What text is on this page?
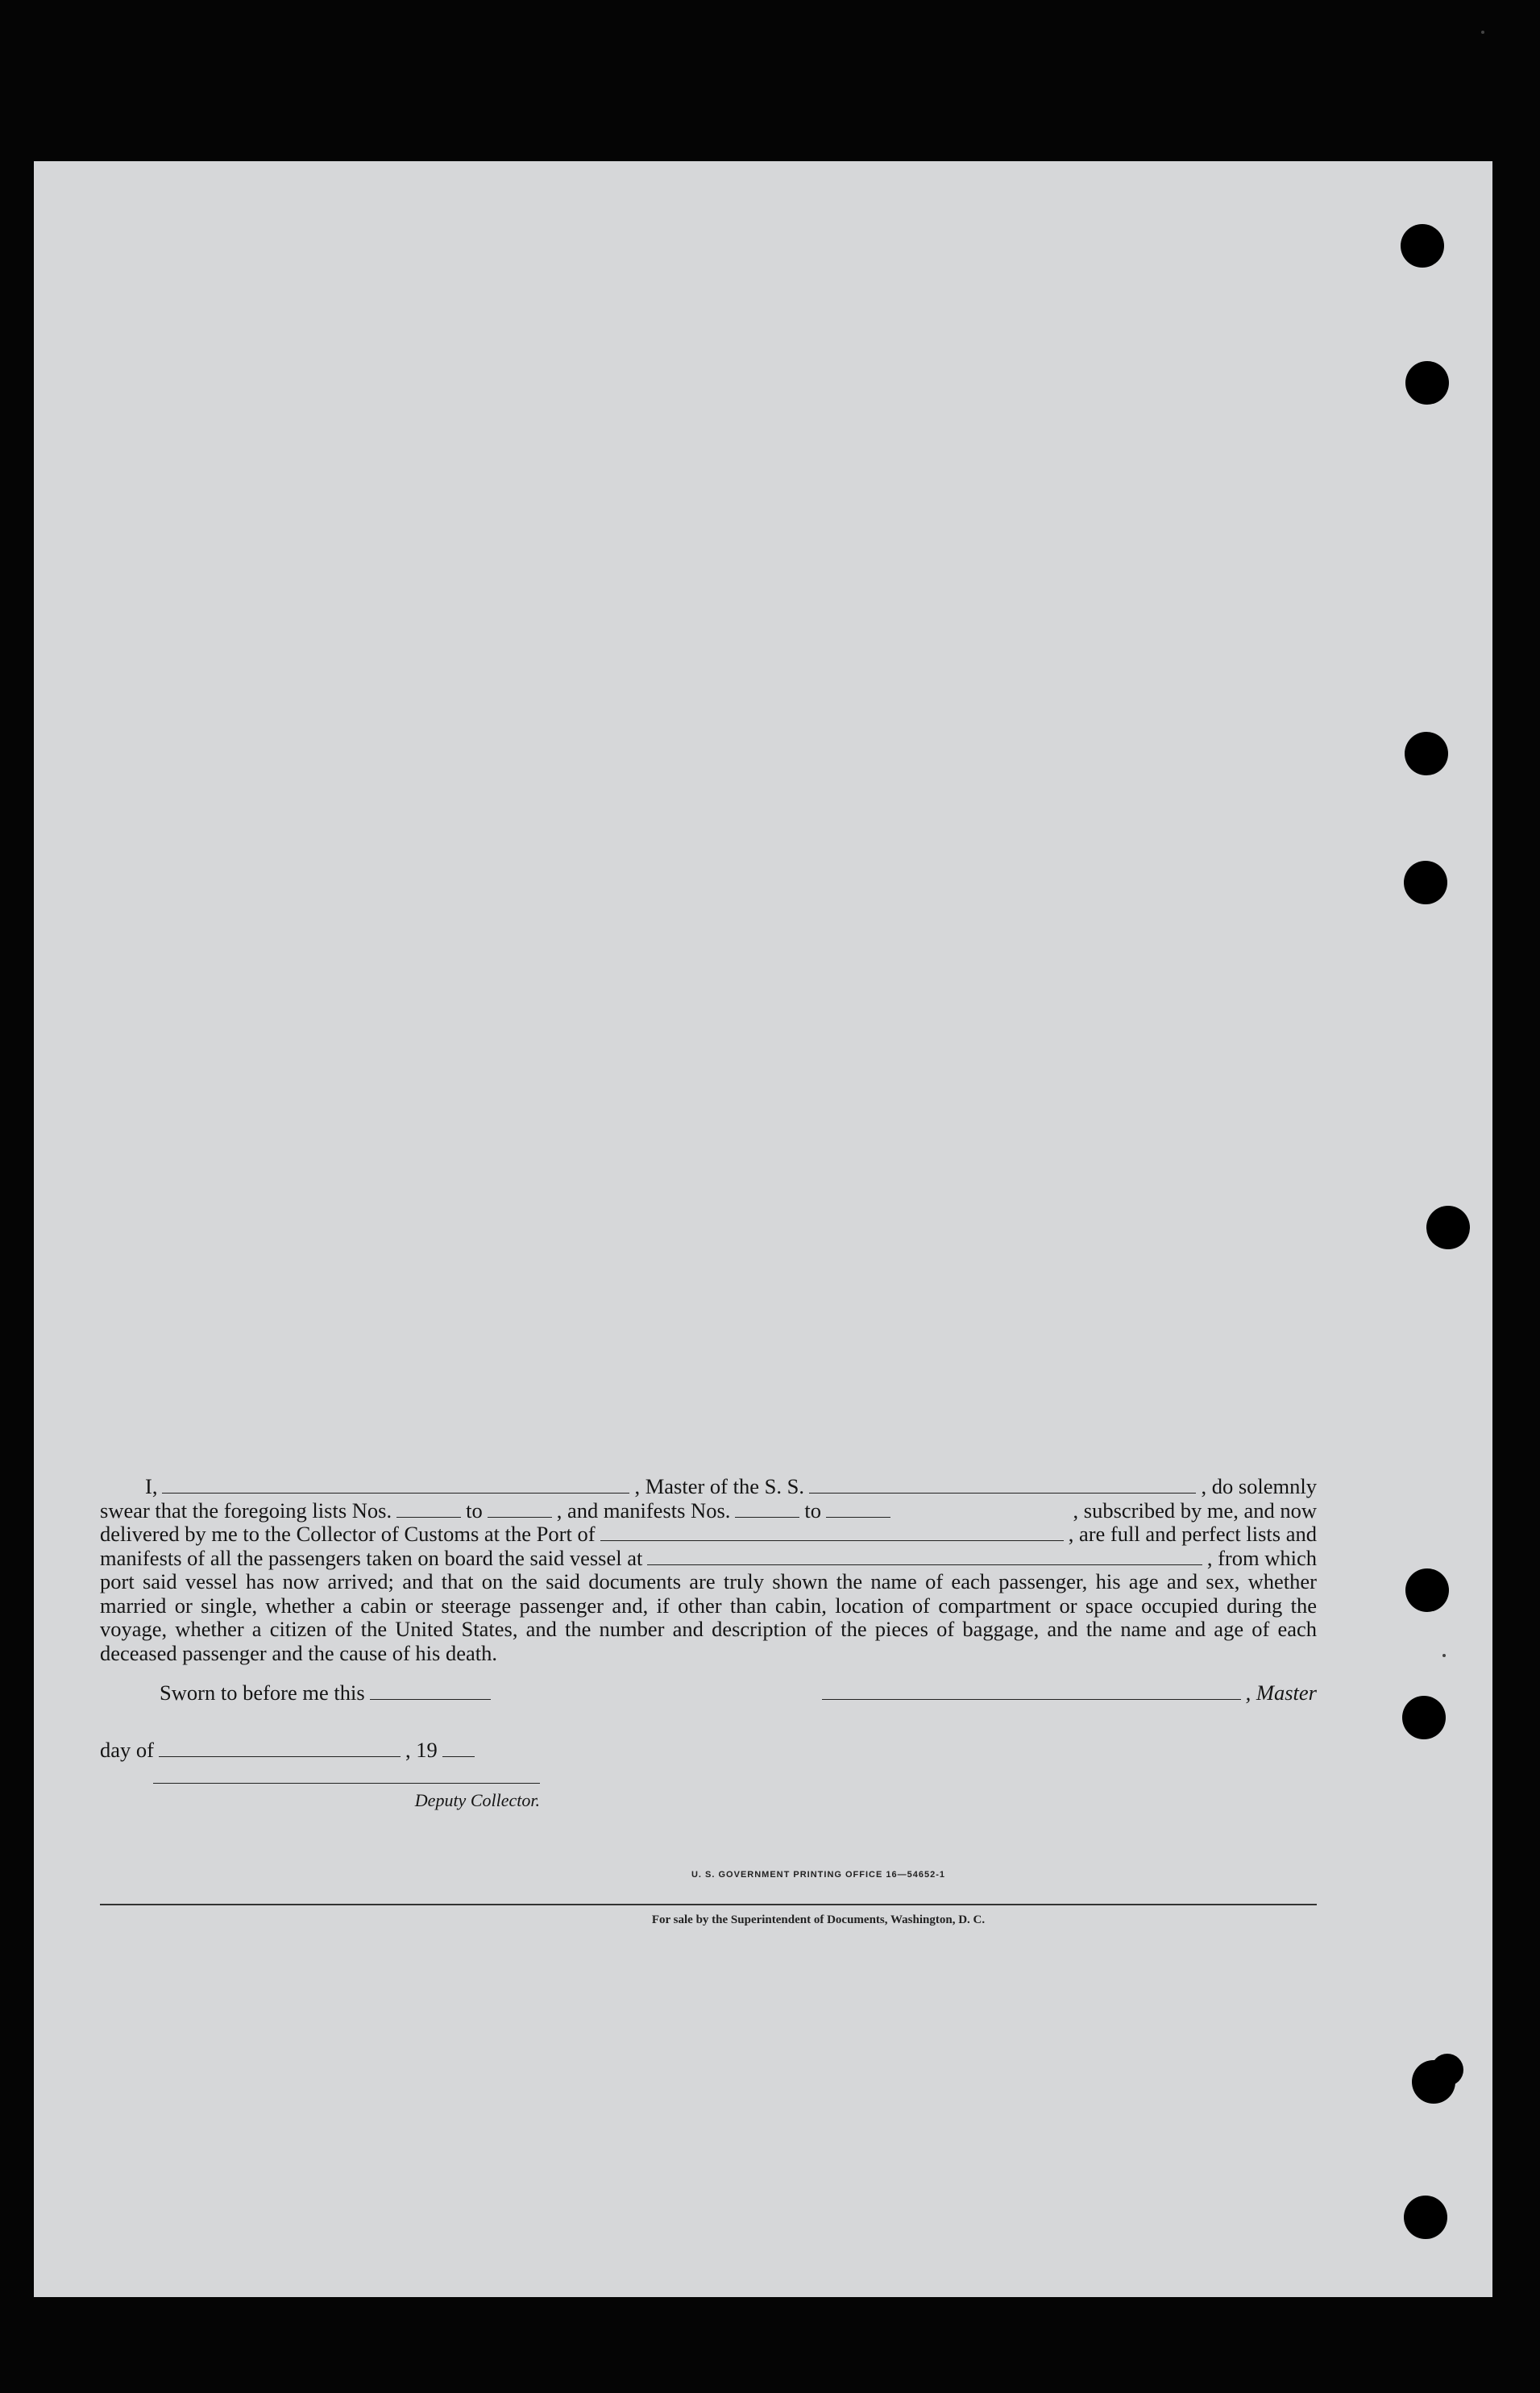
I,	, Master of the S. S.	, do solemnly
swear that the foregoing lists Nos.	to	, and manifests Nos.	to	, subscribed by me, and now
delivered by me to the Collector of Customs at the Port of	, are full and perfect lists and
manifests of all the passengers taken on board the said vessel at	, from which
port said vessel has now arrived; and that on the said documents are truly shown the name of each passenger, his age and sex, whether married or single, whether a cabin or steerage passenger and, if other than cabin, location of compartment or space occupied during the voyage, whether a citizen of the United States, and the number and description of the pieces of baggage, and the name and age of each deceased passenger and the cause of his death.
Sworn to before me this	, Master
day of	, 19
Deputy Collector.
U. S. GOVERNMENT PRINTING OFFICE 16—54652-1
For sale by the Superintendent of Documents, Washington, D. C.
